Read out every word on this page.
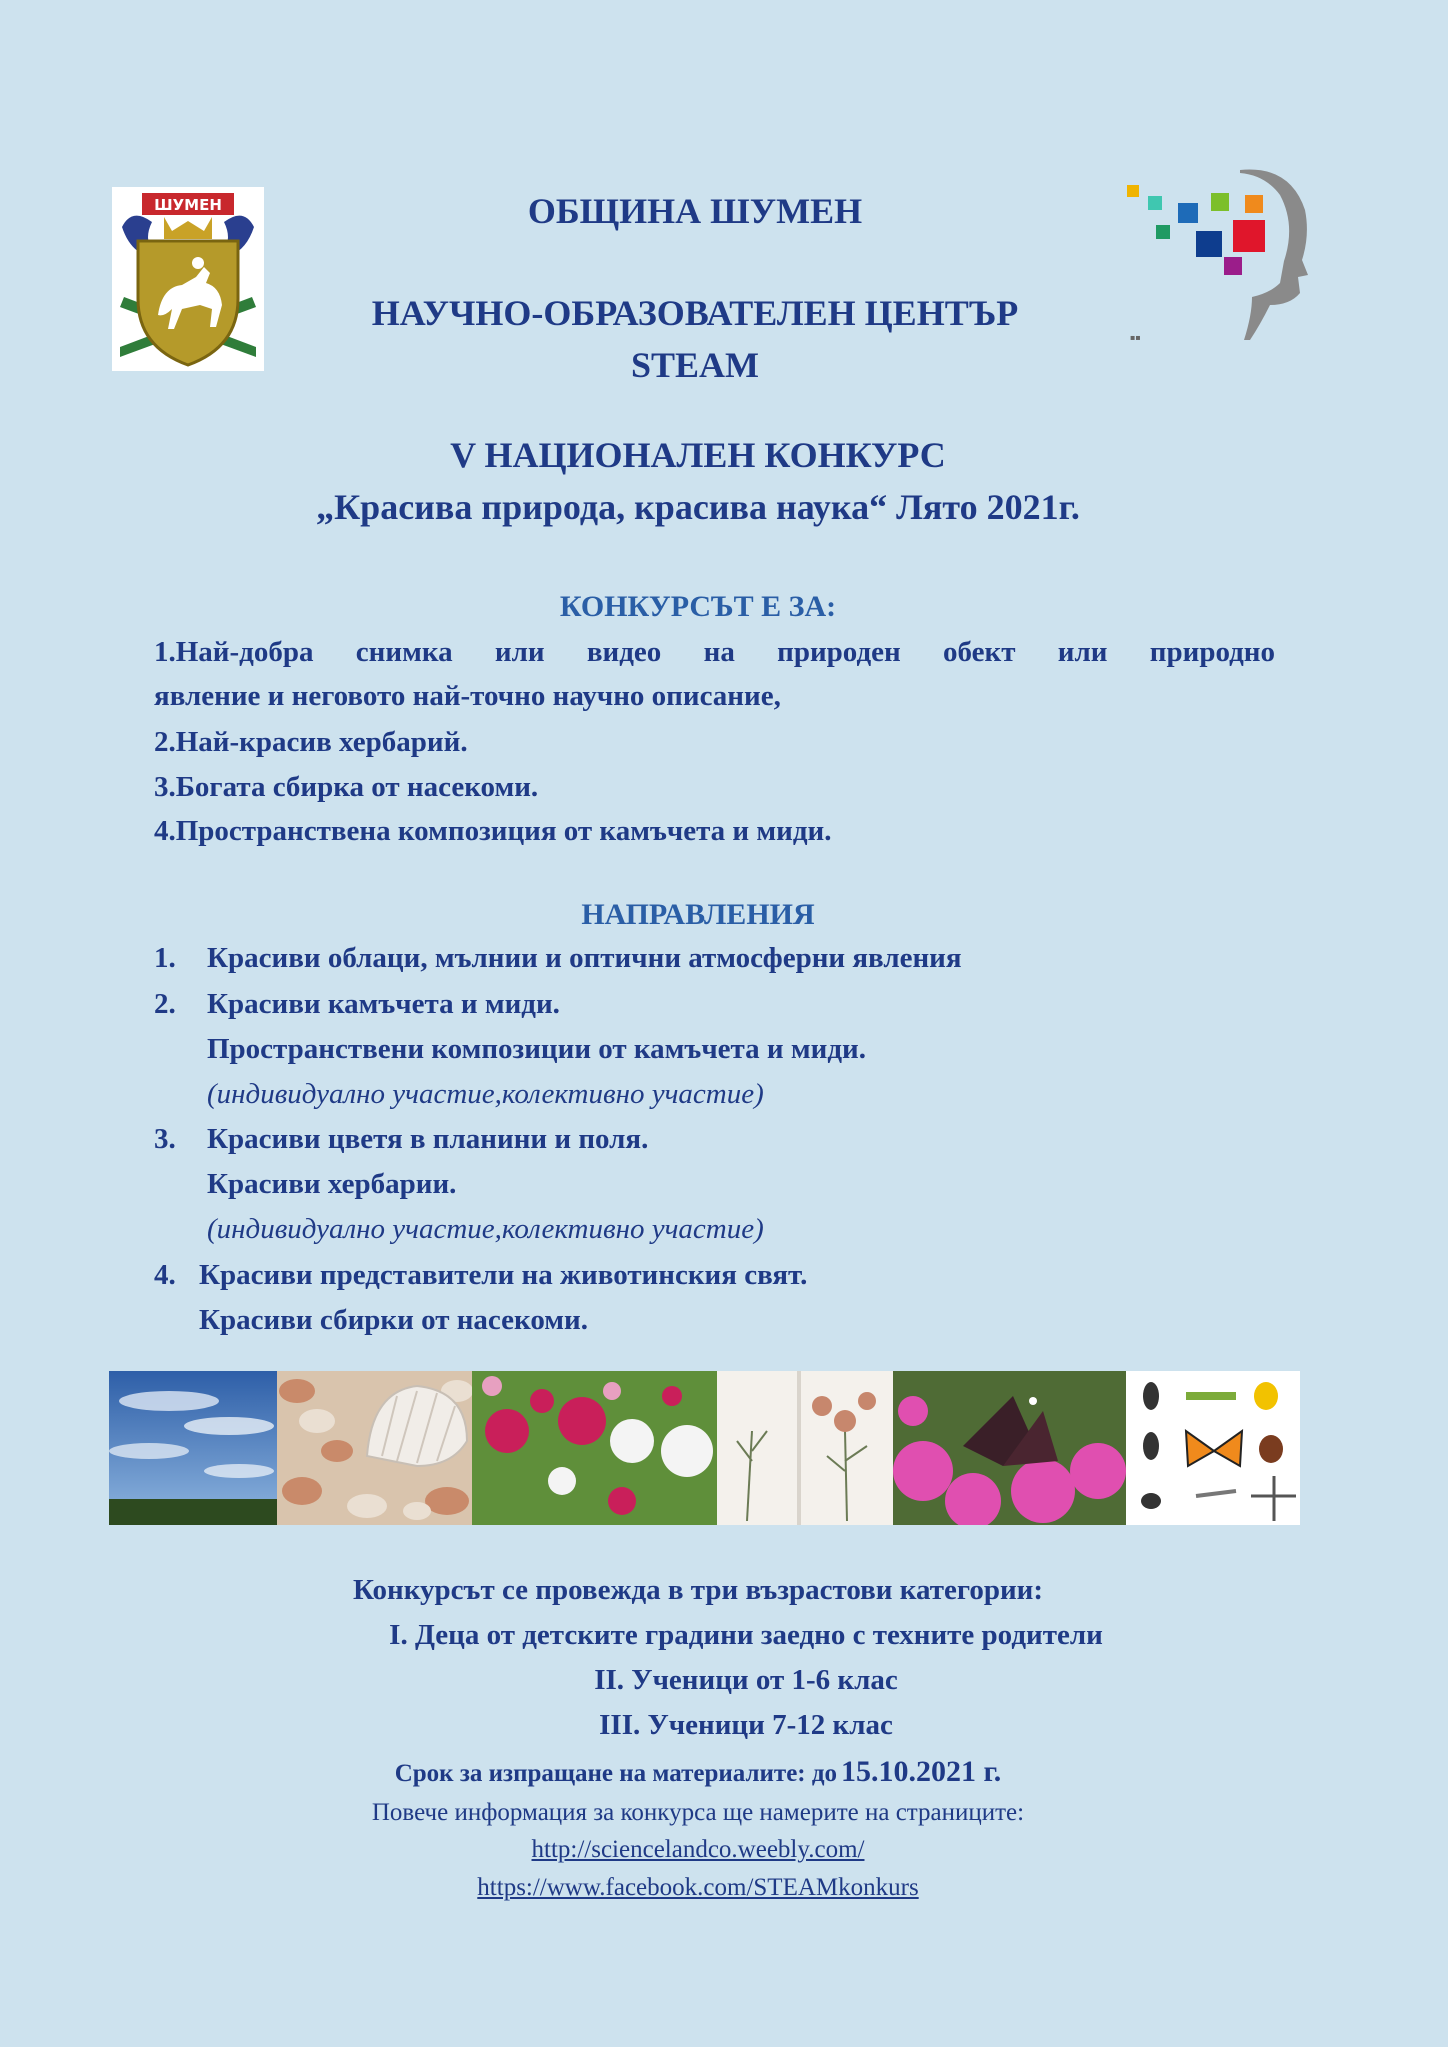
ШУМЕН
▪▪
ОБЩИНА ШУМЕН
НАУЧНО-ОБРАЗОВАТЕЛЕН ЦЕНТЪР
STEAM
V НАЦИОНАЛЕН КОНКУРС
„Красива природа, красива наука“ Лято 2021г.
КОНКУРСЪТ Е ЗА:
1.Най-добра снимка или видео на природен обект или природно
явление и неговото най-точно научно описание,
2.Най-красив хербарий.
3.Богата сбирка от насекоми.
4.Пространствена композиция от камъчета и миди.
НАПРАВЛЕНИЯ
1. Красиви облаци, мълнии и оптични атмосферни явления
2. Красиви камъчета и миди.
Пространствени композиции от камъчета и миди.
(индивидуално участие,колективно участие)
3. Красиви цветя в планини и поля.
Красиви хербарии.
(индивидуално участие,колективно участие)
4. Красиви представители на животинския свят.
Красиви сбирки от насекоми.
Конкурсът се провежда в три възрастови категории:
I. Деца от детските градини заедно с техните родители
II. Ученици от 1-6 клас
III. Ученици 7-12 клас
Срок за изпращане на материалите: до 15.10.2021 г.
Повече информация за конкурса ще намерите на страниците:
http://sciencelandco.weebly.com/
https://www.facebook.com/STEAMkonkurs
